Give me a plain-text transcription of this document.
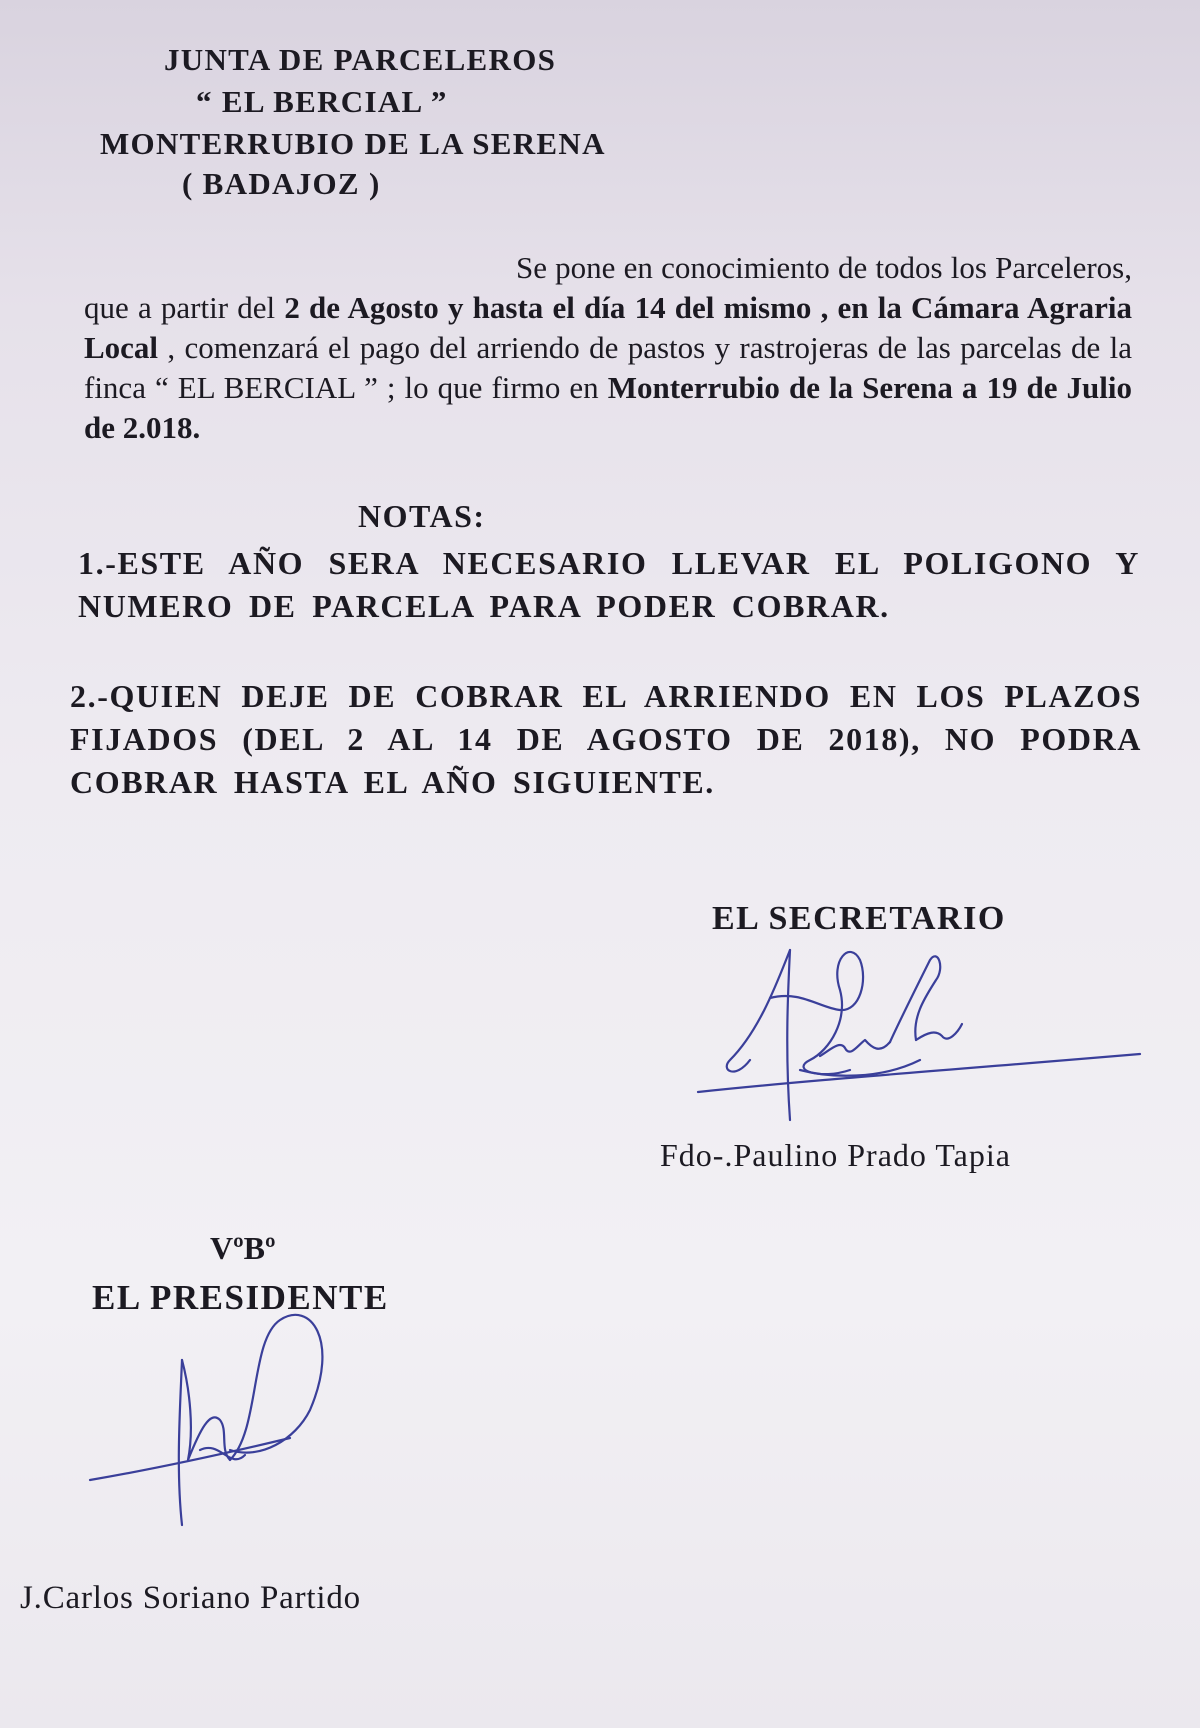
JUNTA DE PARCELEROS
“ EL BERCIAL ”
MONTERRUBIO DE LA SERENA
( BADAJOZ )
Se pone en conocimiento de todos los Parceleros, que a partir del 2 de Agosto y hasta el día 14 del mismo , en la Cámara Agraria Local , comenzará el pago del arriendo de pastos y rastrojeras de las parcelas de la finca “ EL BERCIAL ” ; lo que firmo en Monterrubio de la Serena a 19 de Julio de 2.018.
NOTAS:
1.-ESTE AÑO SERA NECESARIO LLEVAR EL POLIGONO Y NUMERO DE PARCELA PARA PODER COBRAR.
2.-QUIEN DEJE DE COBRAR EL ARRIENDO EN LOS PLAZOS FIJADOS (DEL 2 AL 14 DE AGOSTO DE 2018), NO PODRA COBRAR HASTA EL AÑO SIGUIENTE.
EL SECRETARIO
Fdo-.Paulino Prado Tapia
VºBº
EL PRESIDENTE
J.Carlos Soriano Partido
